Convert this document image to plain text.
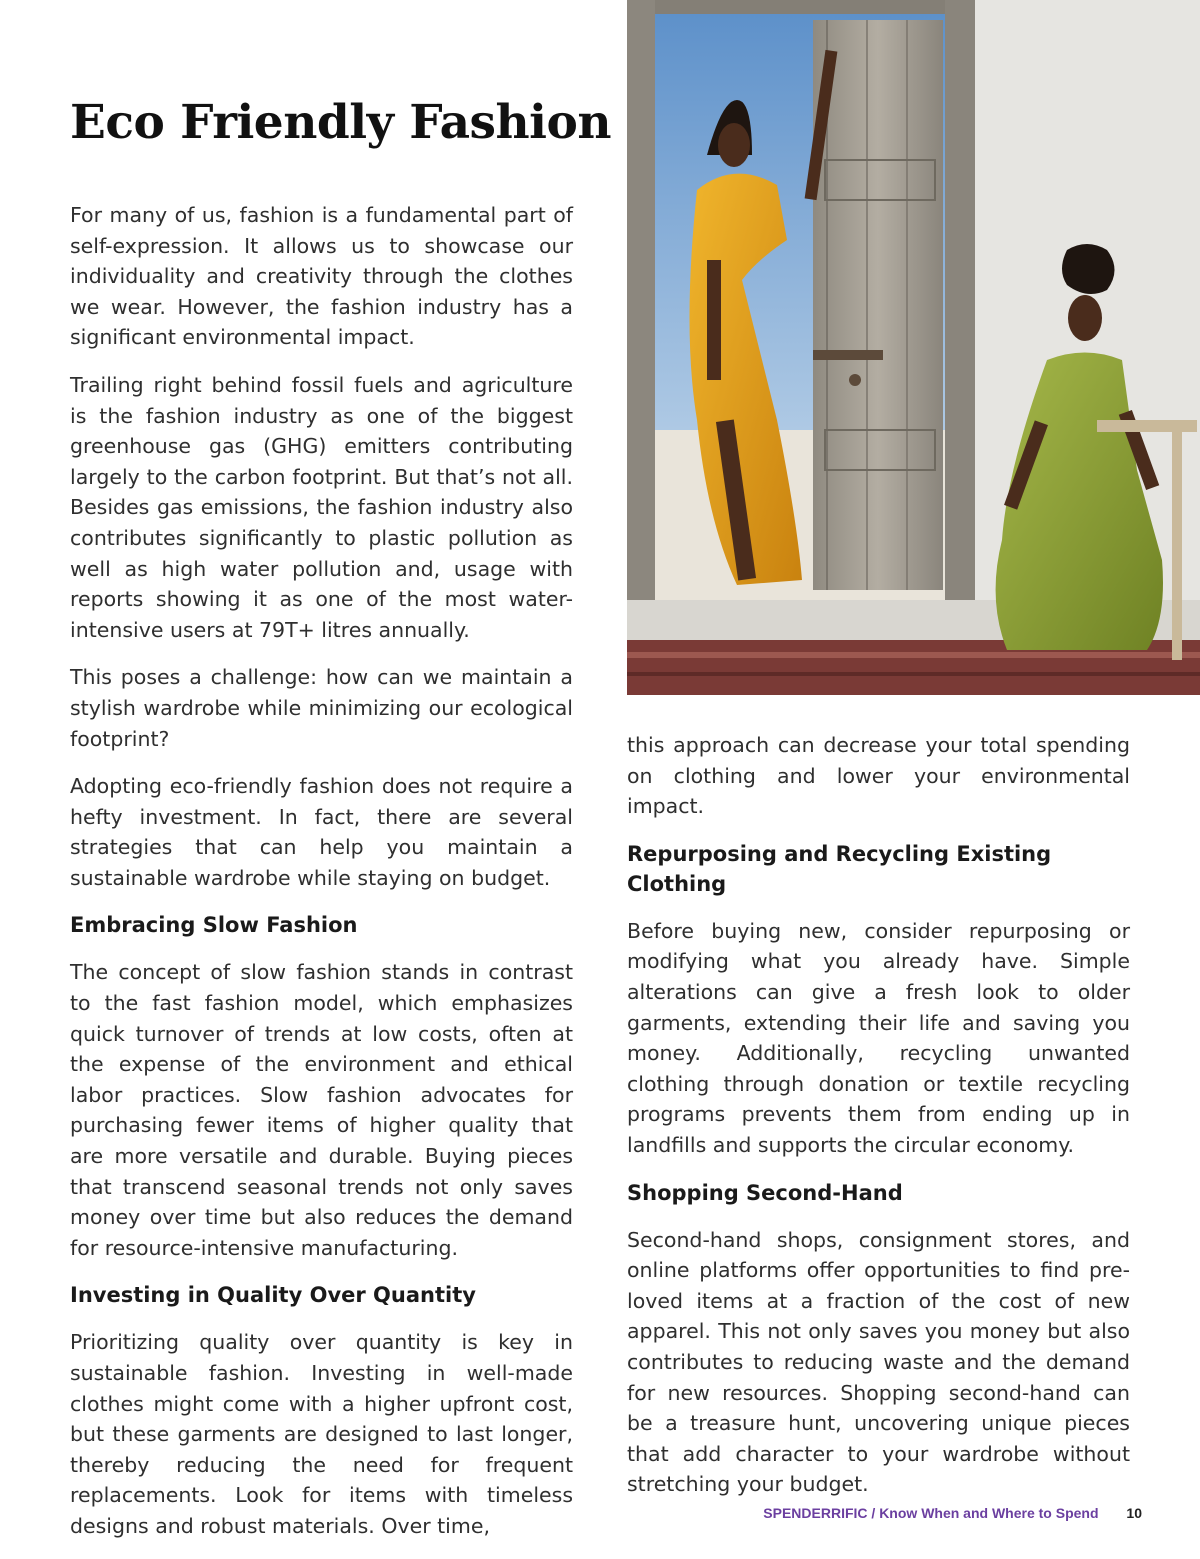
Eco Friendly Fashion

For many of us, fashion is a fundamental part of self-expression. It allows us to showcase our individuality and creativity through the clothes we wear. However, the fashion industry has a significant environmental impact.

Trailing right behind fossil fuels and agriculture is the fashion industry as one of the biggest greenhouse gas (GHG) emitters contributing largely to the carbon footprint. But that’s not all. Besides gas emissions, the fashion industry also contributes significantly to plastic pollution as well as high water pollution and, usage with reports showing it as one of the most water-intensive users at 79T+ litres annually.

This poses a challenge: how can we maintain a stylish wardrobe while minimizing our ecological footprint?

Adopting eco-friendly fashion does not require a hefty investment. In fact, there are several strategies that can help you maintain a sustainable wardrobe while staying on budget.

Embracing Slow Fashion

The concept of slow fashion stands in contrast to the fast fashion model, which emphasizes quick turnover of trends at low costs, often at the expense of the environment and ethical labor practices. Slow fashion advocates for purchasing fewer items of higher quality that are more versatile and durable. Buying pieces that transcend seasonal trends not only saves money over time but also reduces the demand for resource-intensive manufacturing.

Investing in Quality Over Quantity

Prioritizing quality over quantity is key in sustainable fashion. Investing in well-made clothes might come with a higher upfront cost, but these garments are designed to last longer, thereby reducing the need for frequent replacements. Look for items with timeless designs and robust materials. Over time,

this approach can decrease your total spending on clothing and lower your environmental impact.

Repurposing and Recycling Existing Clothing

Before buying new, consider repurposing or modifying what you already have. Simple alterations can give a fresh look to older garments, extending their life and saving you money. Additionally, recycling unwanted clothing through donation or textile recycling programs prevents them from ending up in landfills and supports the circular economy.

Shopping Second-Hand

Second-hand shops, consignment stores, and online platforms offer opportunities to find pre-loved items at a fraction of the cost of new apparel. This not only saves you money but also contributes to reducing waste and the demand for new resources. Shopping second-hand can be a treasure hunt, uncovering unique pieces that add character to your wardrobe without stretching your budget.

SPENDERRIFIC / Know When and Where to Spend 10
